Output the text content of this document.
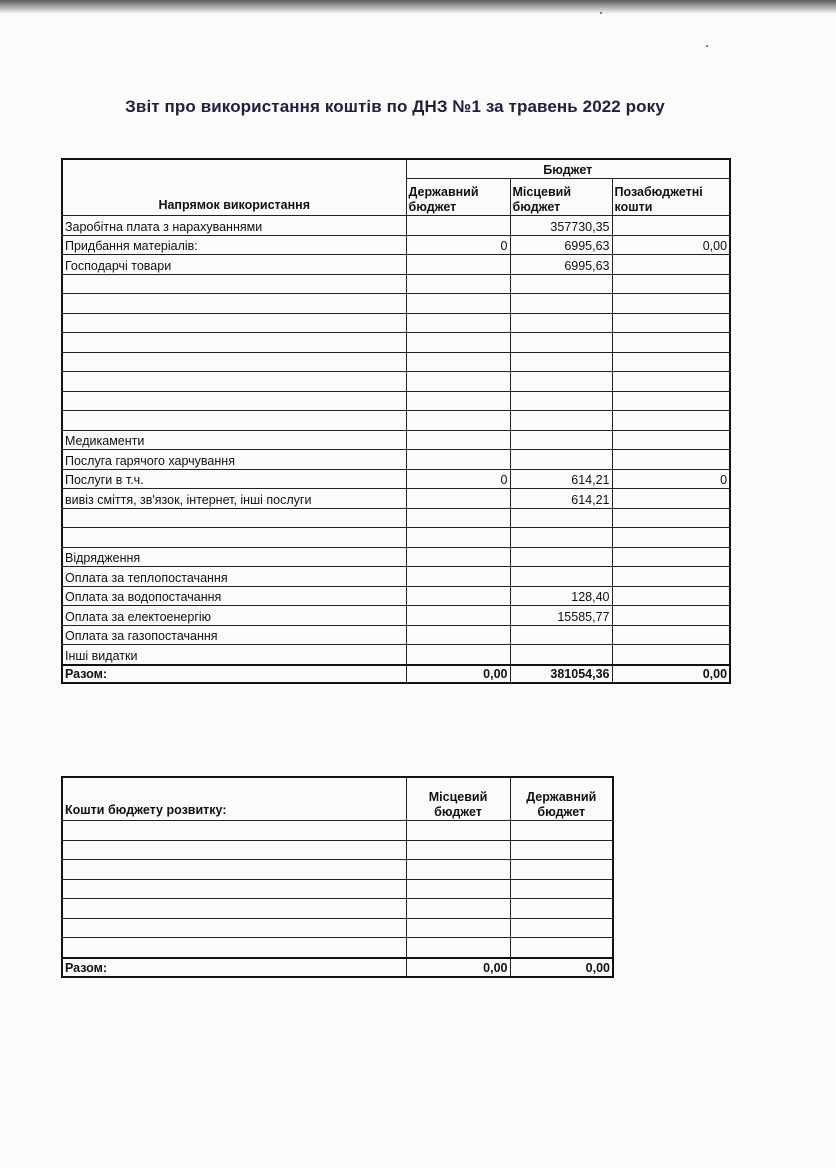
Звіт про використання коштів по ДНЗ №1 за травень 2022 року
Напрямок використання	Бюджет		
	Державний бюджет	Місцевий бюджет	Позабюджетні кошти
Заробітна плата з нарахуваннями		357730,35	
Придбання матеріалів:	0	6995,63	0,00
Господарчі товари		6995,63	

Медикаменти			
Послуга гарячого харчування			
Послуги в т.ч.	0	614,21	0
вивіз сміття, зв'язок, інтернет, інші послуги		614,21	

Відрядження			
Оплата за теплопостачання			
Оплата за водопостачання		128,40	
Оплата за електоенергію		15585,77	
Оплата за газопостачання			
Інші видатки			
Разом:	0,00	381054,36	0,00
Кошти бюджету розвитку:	Місцевий бюджет	Державний бюджет

Разом:	0,00	0,00
